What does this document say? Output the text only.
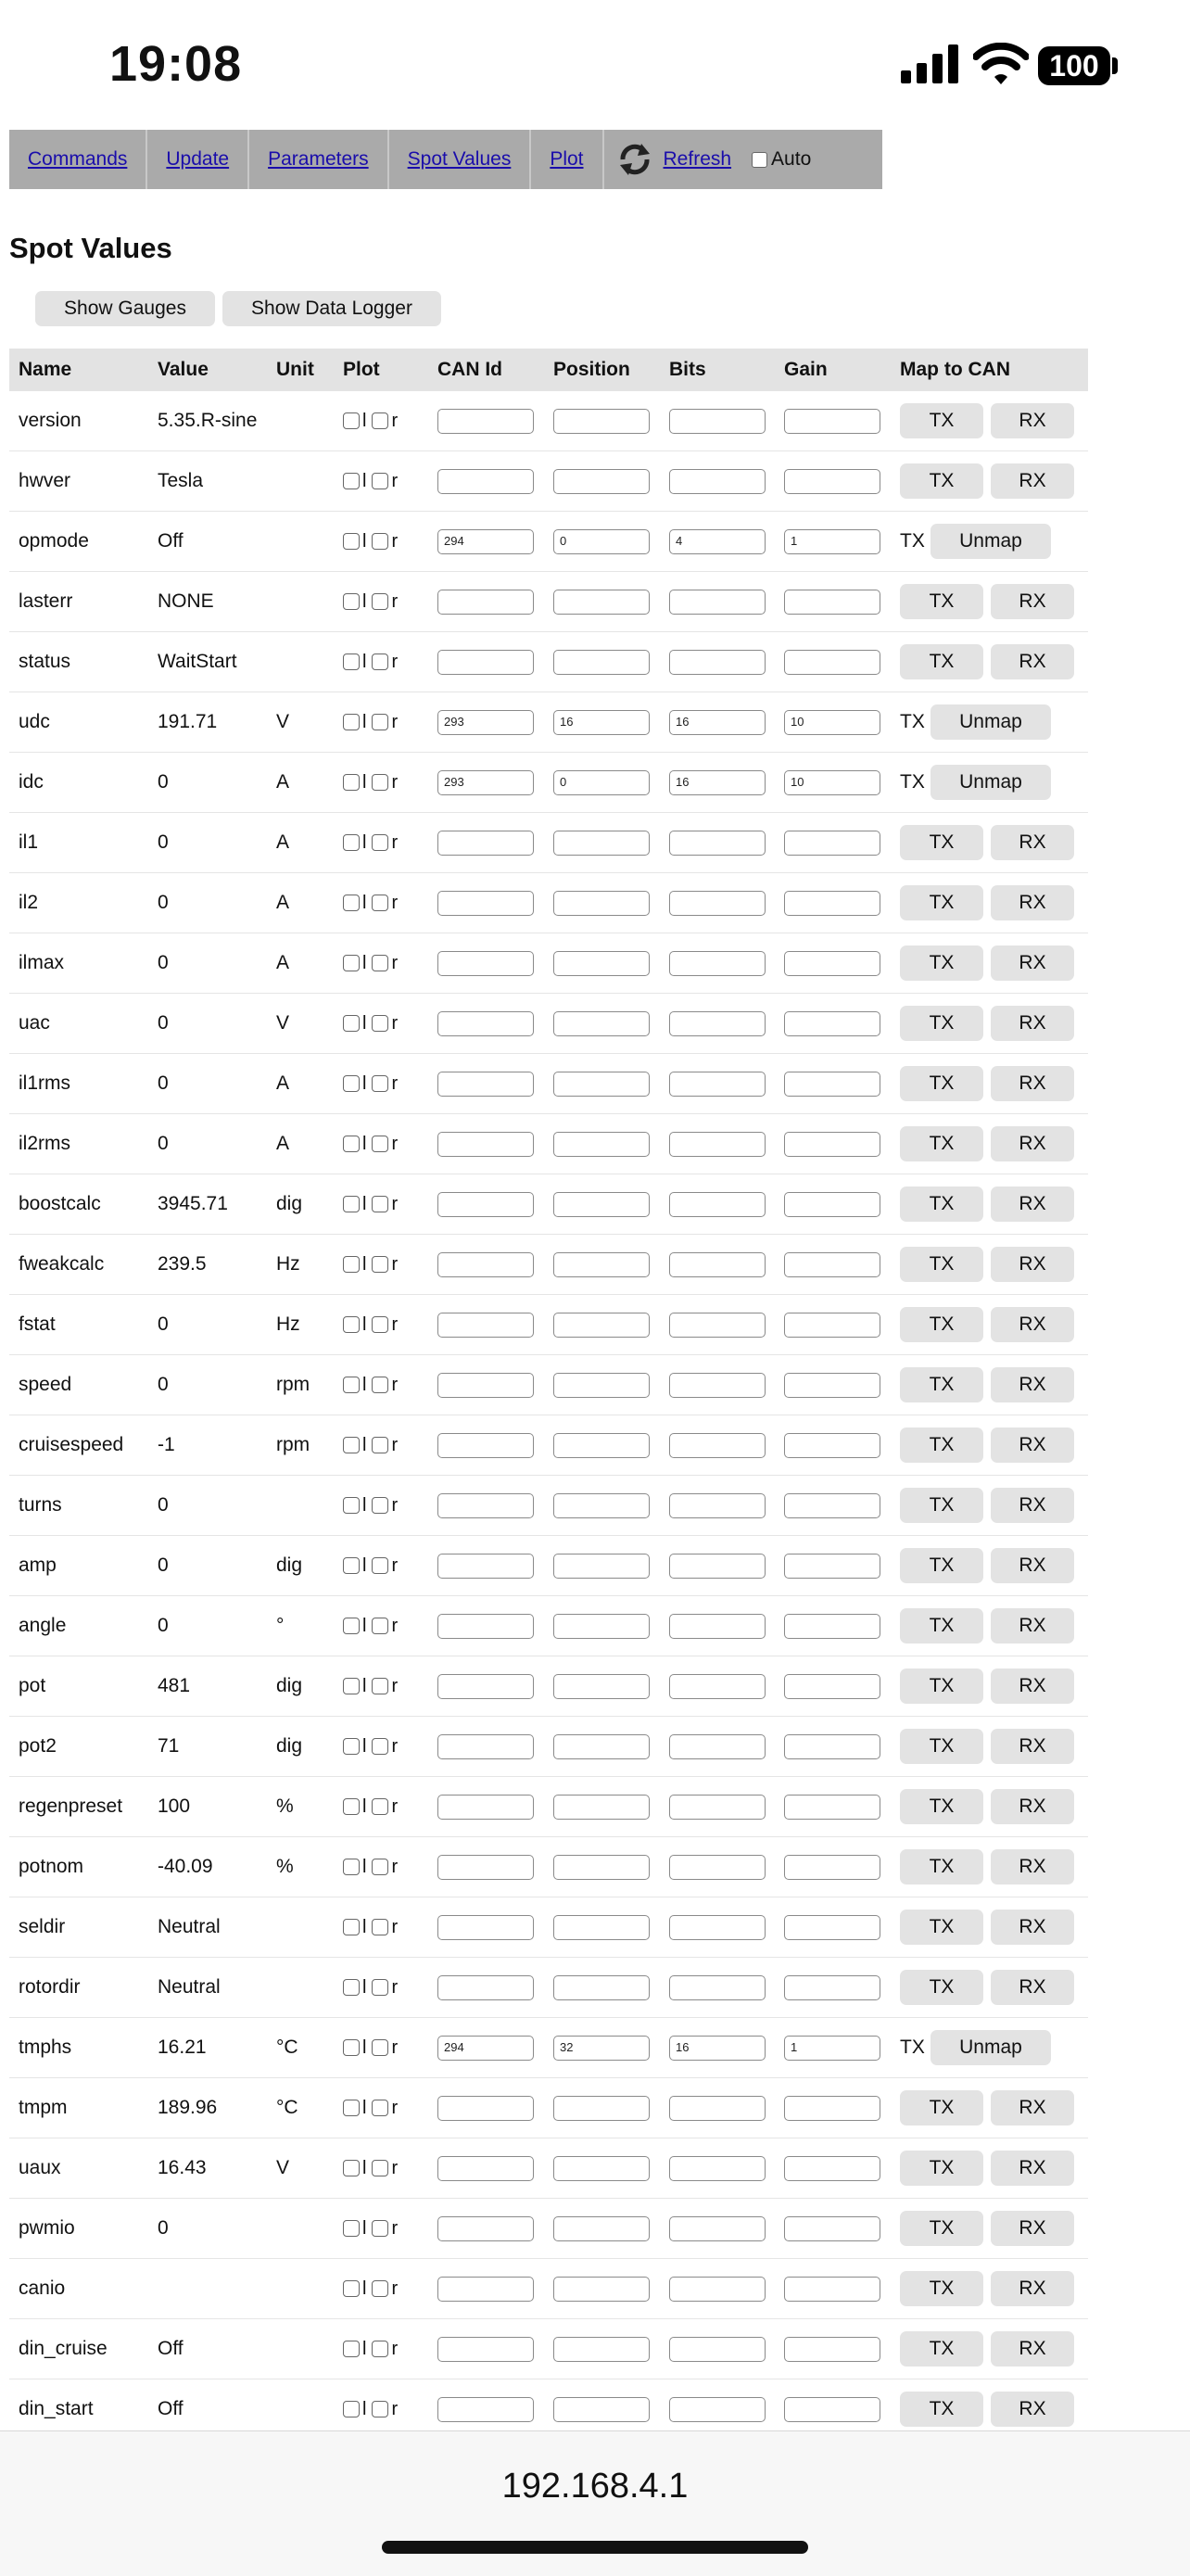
19:08	100
Commands Update Parameters Spot Values Plot	Refresh Auto
Spot Values
Show Gauges	Show Data Logger
Name	Value	Unit	Plot	CAN Id	Position	Bits	Gain	Map to CAN
version	5.35.R-sine		l r					TX RX
hwver	Tesla		l r					TX RX
opmode	Off		l r	294	0	4	1	TX Unmap
lasterr	NONE		l r					TX RX
status	WaitStart		l r					TX RX
udc	191.71	V	l r	293	16	16	10	TX Unmap
idc	0	A	l r	293	0	16	10	TX Unmap
il1	0	A	l r					TX RX
il2	0	A	l r					TX RX
ilmax	0	A	l r					TX RX
uac	0	V	l r					TX RX
il1rms	0	A	l r					TX RX
il2rms	0	A	l r					TX RX
boostcalc	3945.71	dig	l r					TX RX
fweakcalc	239.5	Hz	l r					TX RX
fstat	0	Hz	l r					TX RX
speed	0	rpm	l r					TX RX
cruisespeed	-1	rpm	l r					TX RX
turns	0		l r					TX RX
amp	0	dig	l r					TX RX
angle	0	°	l r					TX RX
pot	481	dig	l r					TX RX
pot2	71	dig	l r					TX RX
regenpreset	100	%	l r					TX RX
potnom	-40.09	%	l r					TX RX
seldir	Neutral		l r					TX RX
rotordir	Neutral		l r					TX RX
tmphs	16.21	°C	l r	294	32	16	1	TX Unmap
tmpm	189.96	°C	l r					TX RX
uaux	16.43	V	l r					TX RX
pwmio	0		l r					TX RX
canio			l r					TX RX
din_cruise	Off		l r					TX RX
din_start	Off		l r					TX RX

192.168.4.1
